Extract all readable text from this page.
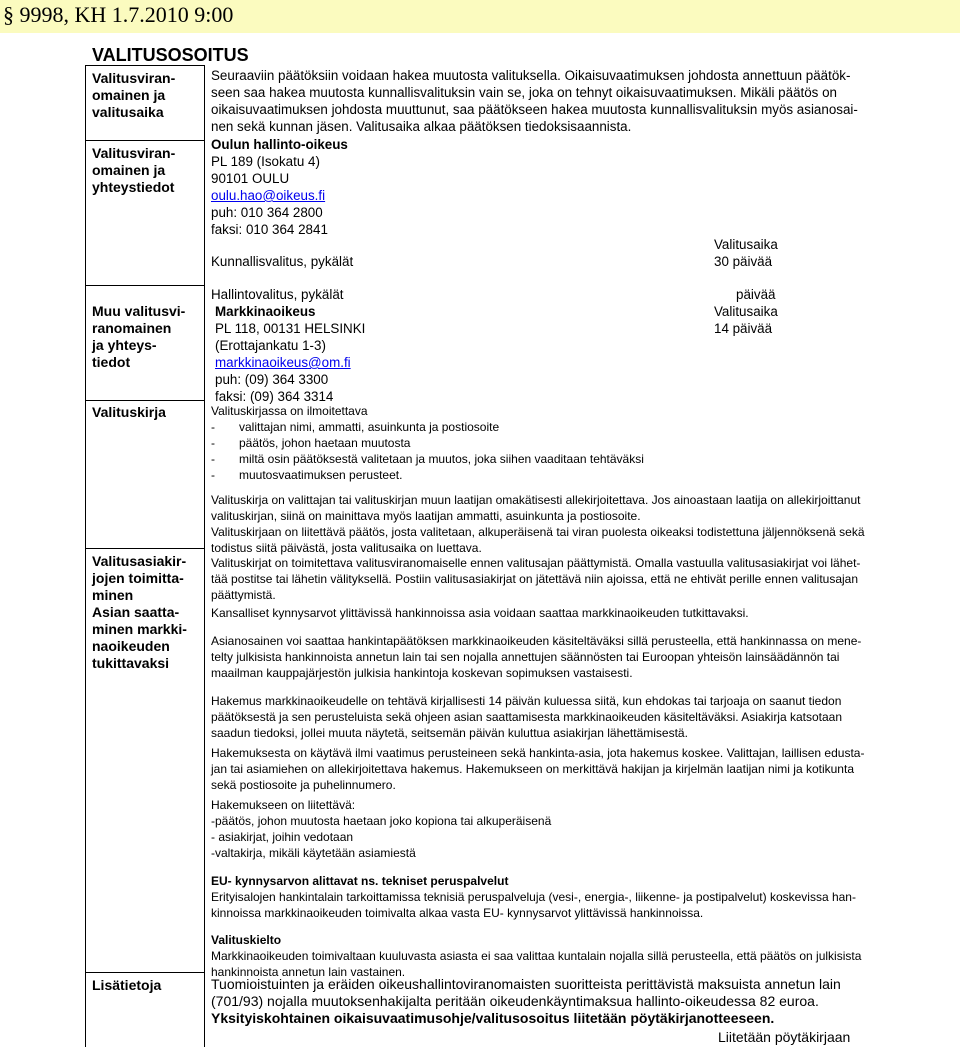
§ 9998, KH 1.7.2010 9:00
VALITUSOSOITUS
Valitusviran-
omainen ja
valitusaika
Valitusviran-
omainen ja
yhteystiedot
Muu valitusvi-
ranomainen
ja yhteys-
tiedot
Valituskirja
Valitusasiakir-
jojen toimitta-
minen
Asian saatta-
minen markki-
naoikeuden
tukittavaksi
Lisätietoja
Seuraaviin päätöksiin voidaan hakea muutosta valituksella. Oikaisuvaatimuksen johdosta annettuun päätök-
seen saa hakea muutosta kunnallisvalituksin vain se, joka on tehnyt oikaisuvaatimuksen. Mikäli päätös on
oikaisuvaatimuksen johdosta muuttunut, saa päätökseen hakea muutosta kunnallisvalituksin myös asianosai-
nen sekä kunnan jäsen. Valitusaika alkaa päätöksen tiedoksisaannista.
Oulun hallinto-oikeus
PL 189 (Isokatu 4)
90101 OULU
oulu.hao@oikeus.fi
puh: 010 364 2800
faksi: 010 364 2841
Kunnallisvalitus, pykälät
Valitusaika
30 päivää
Hallintovalitus, pykälät	päivää
Markkinaoikeus
PL 118, 00131 HELSINKI
(Erottajankatu 1-3)
markkinaoikeus@om.fi
puh: (09) 364 3300
faksi: (09) 364 3314
Valitusaika
14 päivää
Valituskirjassa on ilmoitettava
- valittajan nimi, ammatti, asuinkunta ja postiosoite
- päätös, johon haetaan muutosta
- miltä osin päätöksestä valitetaan ja muutos, joka siihen vaaditaan tehtäväksi
- muutosvaatimuksen perusteet.
Valituskirja on valittajan tai valituskirjan muun laatijan omakätisesti allekirjoitettava. Jos ainoastaan laatija on allekirjoittanut
valituskirjan, siinä on mainittava myös laatijan ammatti, asuinkunta ja postiosoite.
Valituskirjaan on liitettävä päätös, josta valitetaan, alkuperäisenä tai viran puolesta oikeaksi todistettuna jäljennöksenä sekä
todistus siitä päivästä, josta valitusaika on luettava.
Valituskirjat on toimitettava valitusviranomaiselle ennen valitusajan päättymistä. Omalla vastuulla valitusasiakirjat voi lähet-
tää postitse tai lähetin välityksellä. Postiin valitusasiakirjat on jätettävä niin ajoissa, että ne ehtivät perille ennen valitusajan
päättymistä.
Kansalliset kynnysarvot ylittävissä hankinnoissa asia voidaan saattaa markkinaoikeuden tutkittavaksi.
Asianosainen voi saattaa hankintapäätöksen markkinaoikeuden käsiteltäväksi sillä perusteella, että hankinnassa on mene-
telty julkisista hankinnoista annetun lain tai sen nojalla annettujen säännösten tai Euroopan yhteisön lainsäädännön tai
maailman kauppajärjestön julkisia hankintoja koskevan sopimuksen vastaisesti.
Hakemus markkinaoikeudelle on tehtävä kirjallisesti 14 päivän kuluessa siitä, kun ehdokas tai tarjoaja on saanut tiedon
päätöksestä ja sen perusteluista sekä ohjeen asian saattamisesta markkinaoikeuden käsiteltäväksi. Asiakirja katsotaan
saadun tiedoksi, jollei muuta näytetä, seitsemän päivän kuluttua asiakirjan lähettämisestä.
Hakemuksesta on käytävä ilmi vaatimus perusteineen sekä hankinta-asia, jota hakemus koskee. Valittajan, laillisen edusta-
jan tai asiamiehen on allekirjoitettava hakemus. Hakemukseen on merkittävä hakijan ja kirjelmän laatijan nimi ja kotikunta
sekä postiosoite ja puhelinnumero.
Hakemukseen on liitettävä:
-päätös, johon muutosta haetaan joko kopiona tai alkuperäisenä
- asiakirjat, joihin vedotaan
-valtakirja, mikäli käytetään asiamiestä
EU- kynnysarvon alittavat ns. tekniset peruspalvelut
Erityisalojen hankintalain tarkoittamissa teknisiä peruspalveluja (vesi-, energia-, liikenne- ja postipalvelut) koskevissa han-
kinnoissa markkinaoikeuden toimivalta alkaa vasta EU- kynnysarvot ylittävissä hankinnoissa.
Valituskielto
Markkinaoikeuden toimivaltaan kuuluvasta asiasta ei saa valittaa kuntalain nojalla sillä perusteella, että päätös on julkisista
hankinnoista annetun lain vastainen.
Tuomioistuinten ja eräiden oikeushallintoviranomaisten suoritteista perittävistä maksuista annetun lain
(701/93) nojalla muutoksenhakijalta peritään oikeudenkäyntimaksua hallinto-oikeudessa 82 euroa.
Yksityiskohtainen oikaisuvaatimusohje/valitusosoitus liitetään pöytäkirjanotteeseen.
Liitetään pöytäkirjaan
